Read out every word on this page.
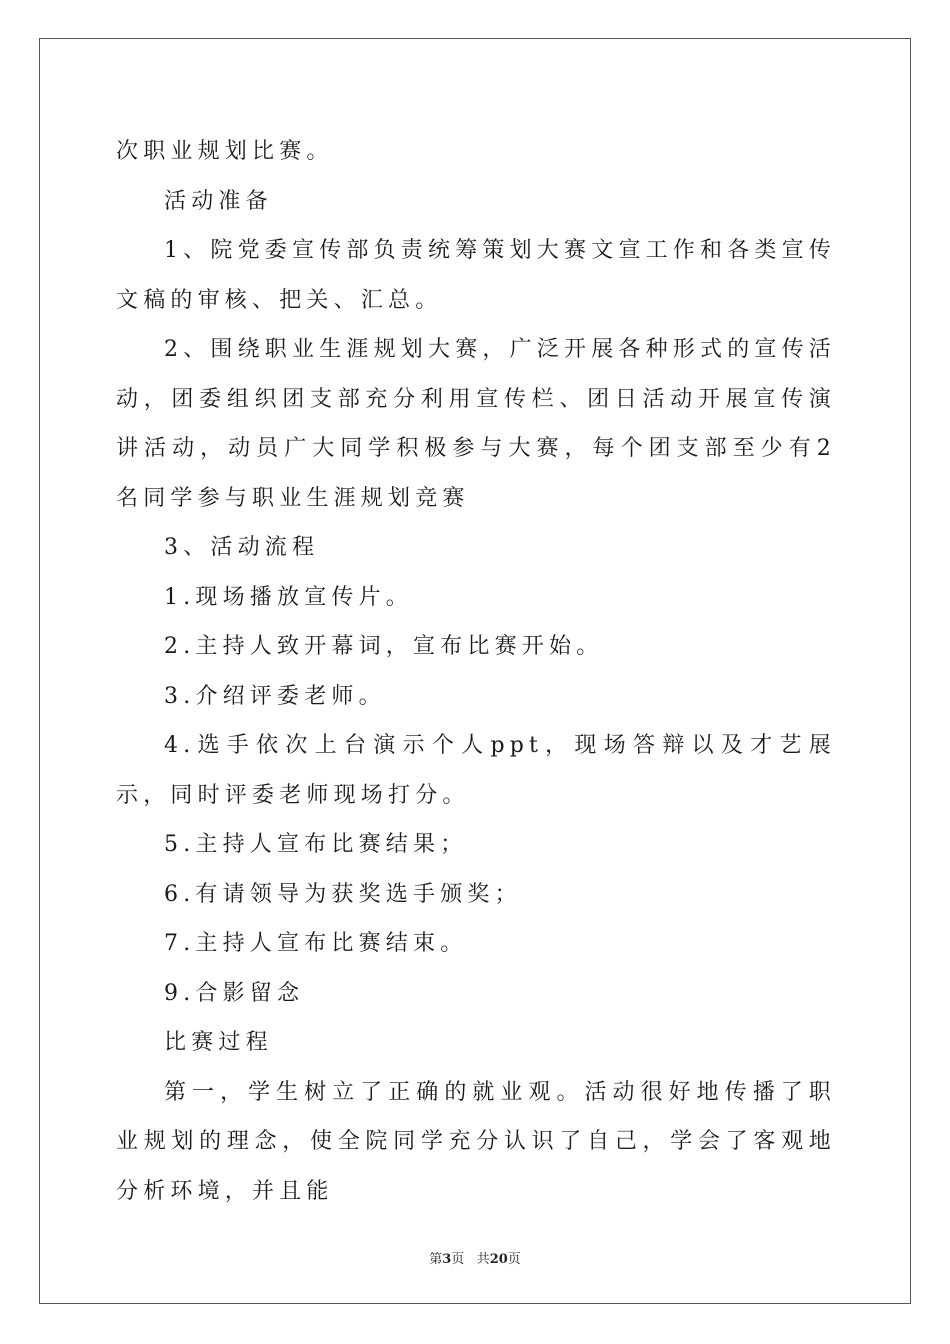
次职业规划比赛。

活动准备

1、院党委宣传部负责统筹策划大赛文宣工作和各类宣传文稿的审核、把关、汇总。

2、围绕职业生涯规划大赛，广泛开展各种形式的宣传活动，团委组织团支部充分利用宣传栏、团日活动开展宣传演讲活动，动员广大同学积极参与大赛，每个团支部至少有2名同学参与职业生涯规划竞赛

3、活动流程

1.现场播放宣传片。

2.主持人致开幕词，宣布比赛开始。

3.介绍评委老师。

4.选手依次上台演示个人ppt，现场答辩以及才艺展示，同时评委老师现场打分。

5.主持人宣布比赛结果；

6.有请领导为获奖选手颁奖；

7.主持人宣布比赛结束。

9.合影留念

比赛过程

第一，学生树立了正确的就业观。活动很好地传播了职业规划的理念，使全院同学充分认识了自己，学会了客观地分析环境，并且能

第3页 共20页
